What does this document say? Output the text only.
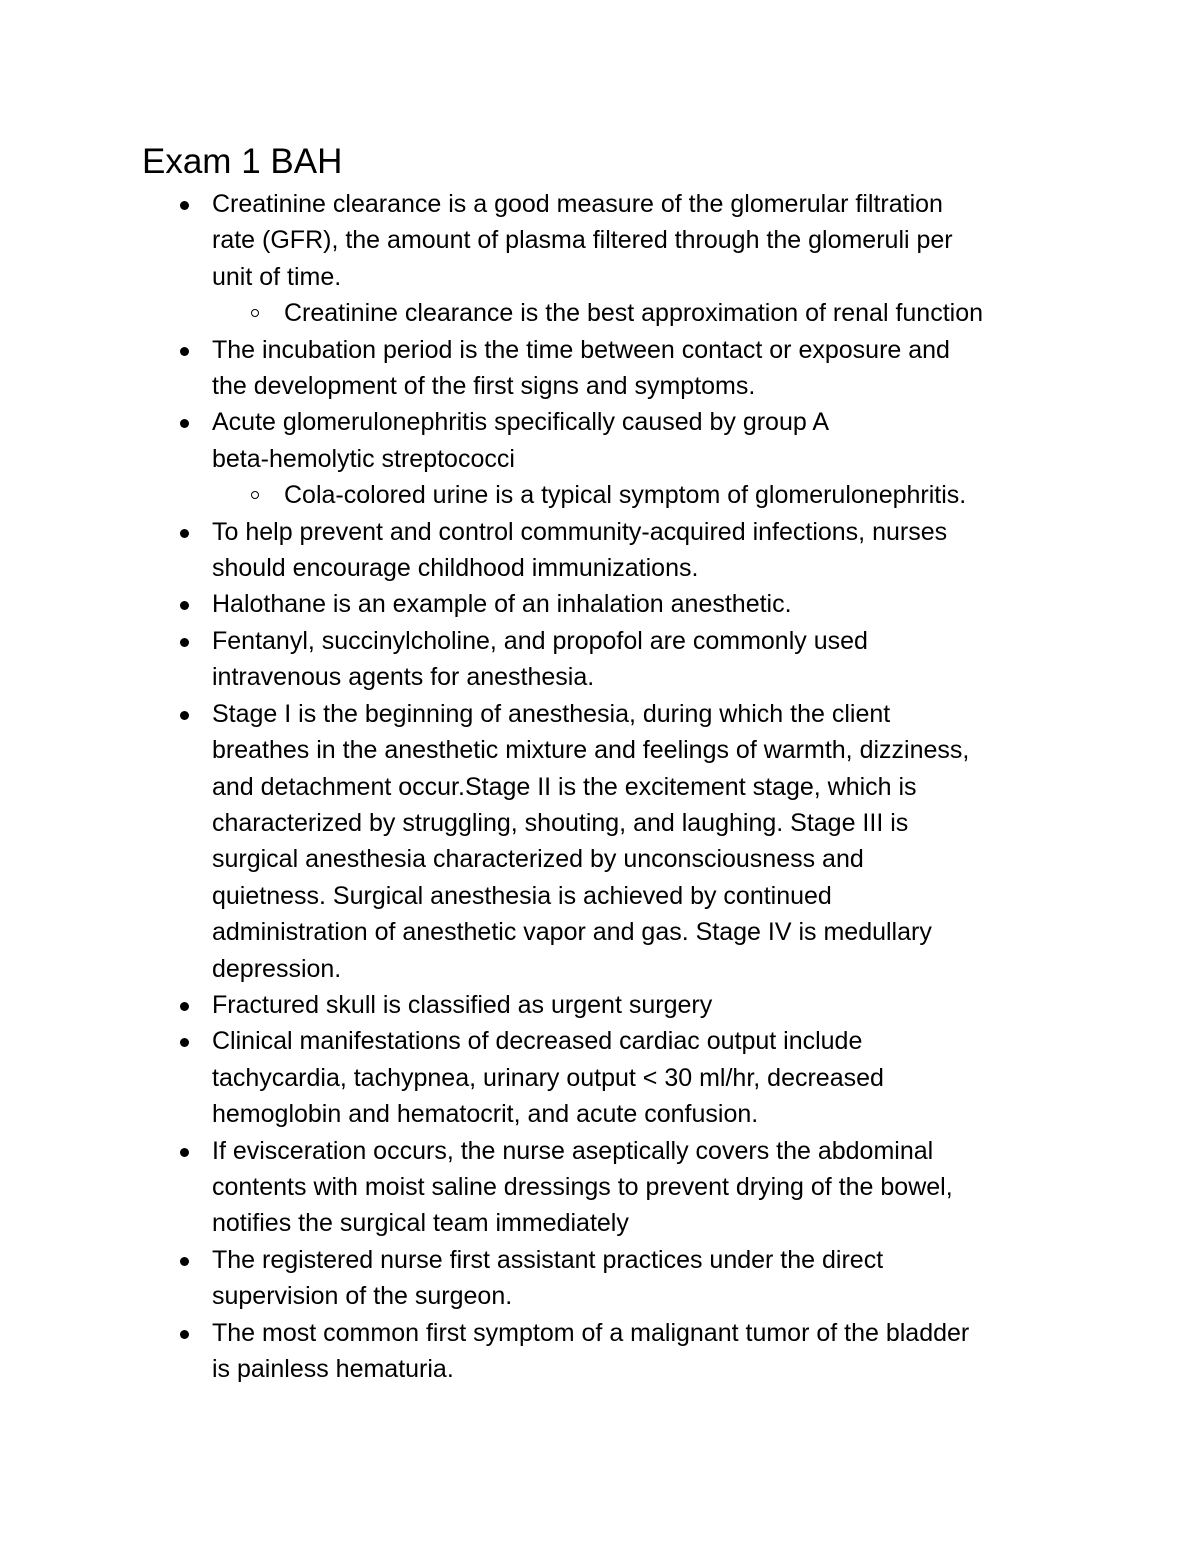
Exam 1 BAH
Creatinine clearance is a good measure of the glomerular filtration
rate (GFR), the amount of plasma filtered through the glomeruli per
unit of time.
Creatinine clearance is the best approximation of renal function
The incubation period is the time between contact or exposure and
the development of the first signs and symptoms.
Acute glomerulonephritis specifically caused by group A
beta-hemolytic streptococci
Cola-colored urine is a typical symptom of glomerulonephritis.
To help prevent and control community-acquired infections, nurses
should encourage childhood immunizations.
Halothane is an example of an inhalation anesthetic.
Fentanyl, succinylcholine, and propofol are commonly used
intravenous agents for anesthesia.
Stage I is the beginning of anesthesia, during which the client
breathes in the anesthetic mixture and feelings of warmth, dizziness,
and detachment occur.Stage II is the excitement stage, which is
characterized by struggling, shouting, and laughing. Stage III is
surgical anesthesia characterized by unconsciousness and
quietness. Surgical anesthesia is achieved by continued
administration of anesthetic vapor and gas. Stage IV is medullary
depression.
Fractured skull is classified as urgent surgery
Clinical manifestations of decreased cardiac output include
tachycardia, tachypnea, urinary output < 30 ml/hr, decreased
hemoglobin and hematocrit, and acute confusion.
If evisceration occurs, the nurse aseptically covers the abdominal
contents with moist saline dressings to prevent drying of the bowel,
notifies the surgical team immediately
The registered nurse first assistant practices under the direct
supervision of the surgeon.
The most common first symptom of a malignant tumor of the bladder
is painless hematuria.
